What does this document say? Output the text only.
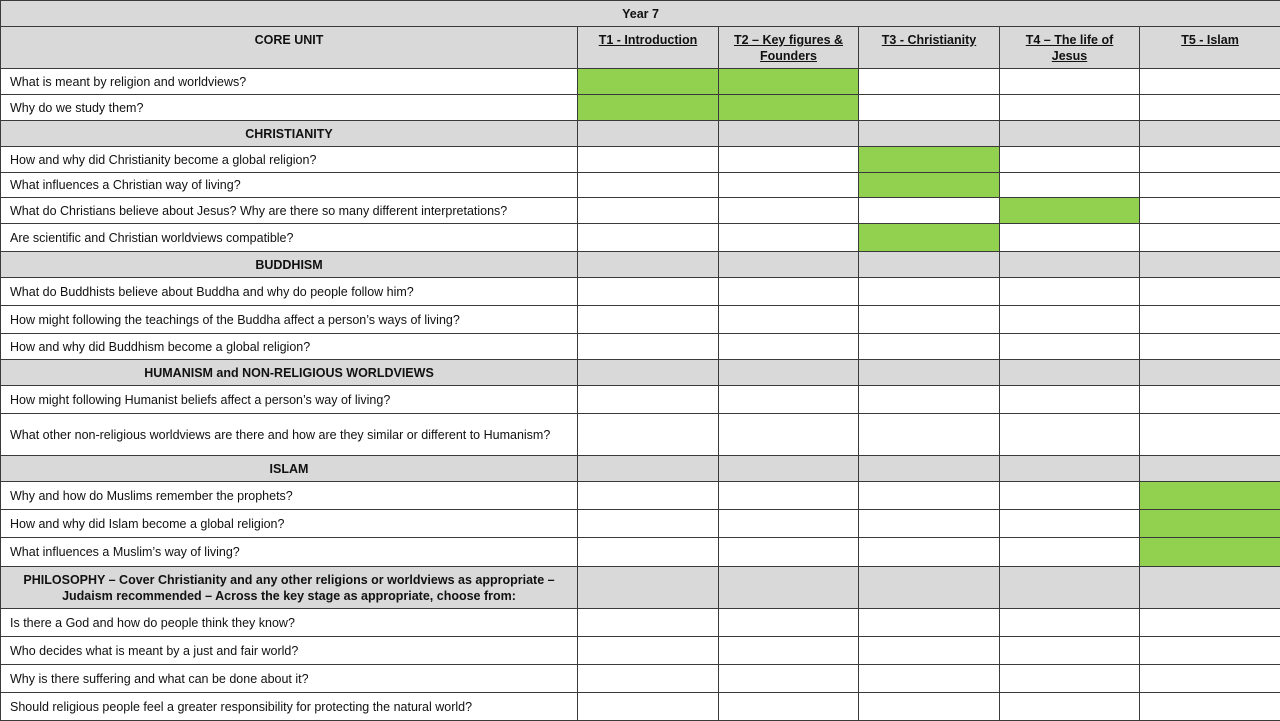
Year 7					
CORE UNIT	T1 - Introduction	T2 – Key figures & Founders	T3 - Christianity	T4 – The life of Jesus	T5 - Islam
What is meant by religion and worldviews?					
Why do we study them?					
CHRISTIANITY					
How and why did Christianity become a global religion?					
What influences a Christian way of living?					
What do Christians believe about Jesus? Why are there so many different interpretations?					
Are scientific and Christian worldviews compatible?					
BUDDHISM					
What do Buddhists believe about Buddha and why do people follow him?					
How might following the teachings of the Buddha affect a person’s ways of living?					
How and why did Buddhism become a global religion?					
HUMANISM and NON-RELIGIOUS WORLDVIEWS					
How might following Humanist beliefs affect a person’s way of living?					
What other non-religious worldviews are there and how are they similar or different to Humanism?					
ISLAM					
Why and how do Muslims remember the prophets?					
How and why did Islam become a global religion?					
What influences a Muslim’s way of living?					
PHILOSOPHY – Cover Christianity and any other religions or worldviews as appropriate – Judaism recommended – Across the key stage as appropriate, choose from:					
Is there a God and how do people think they know?					
Who decides what is meant by a just and fair world?					
Why is there suffering and what can be done about it?					
Should religious people feel a greater responsibility for protecting the natural world?					
